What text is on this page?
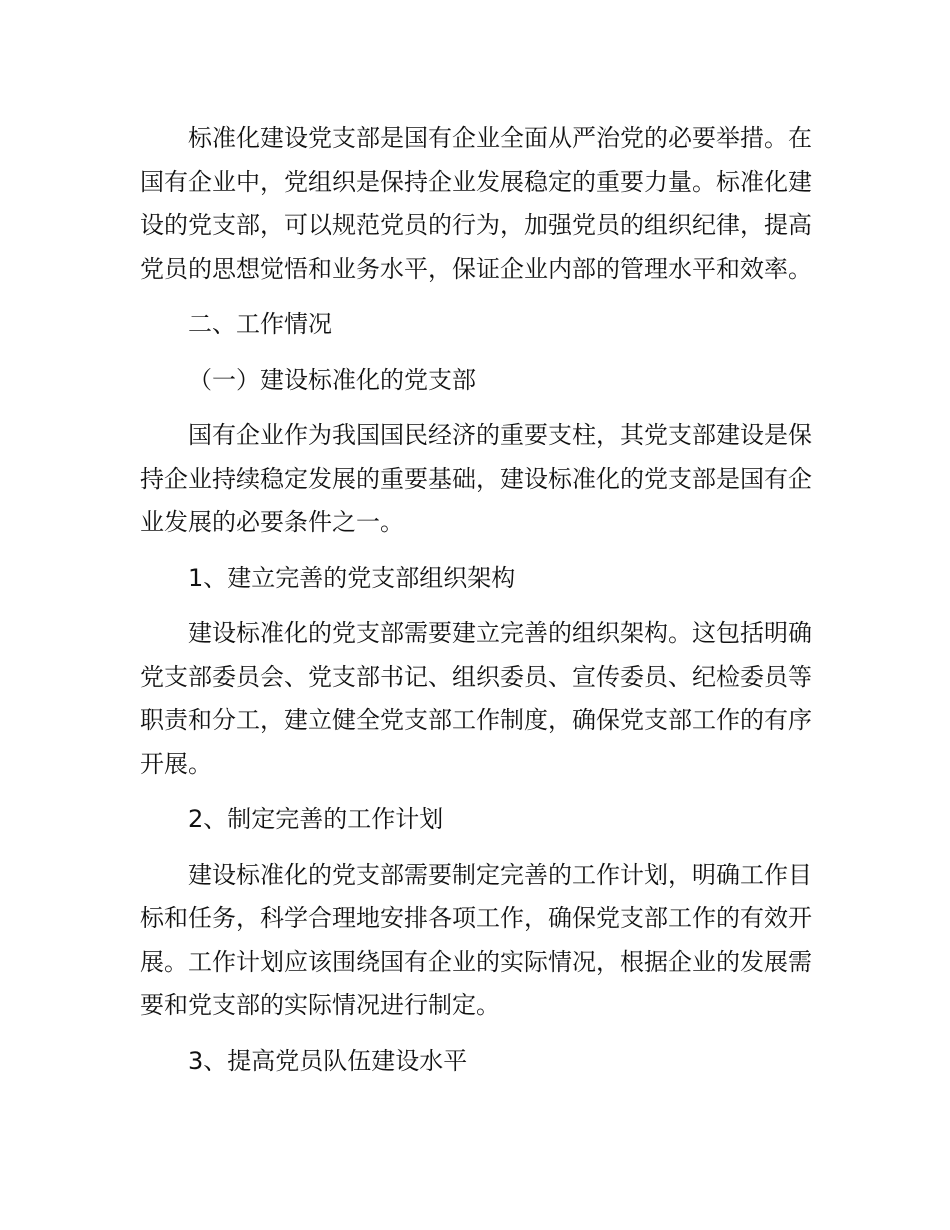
标准化建设党支部是国有企业全面从严治党的必要举措。在国有企业中，党组织是保持企业发展稳定的重要力量。标准化建设的党支部，可以规范党员的行为，加强党员的组织纪律，提高党员的思想觉悟和业务水平，保证企业内部的管理水平和效率。

二、工作情况

（一）建设标准化的党支部

国有企业作为我国国民经济的重要支柱，其党支部建设是保持企业持续稳定发展的重要基础，建设标准化的党支部是国有企业发展的必要条件之一。

1、建立完善的党支部组织架构

建设标准化的党支部需要建立完善的组织架构。这包括明确党支部委员会、党支部书记、组织委员、宣传委员、纪检委员等职责和分工，建立健全党支部工作制度，确保党支部工作的有序开展。

2、制定完善的工作计划

建设标准化的党支部需要制定完善的工作计划，明确工作目标和任务，科学合理地安排各项工作，确保党支部工作的有效开展。工作计划应该围绕国有企业的实际情况，根据企业的发展需要和党支部的实际情况进行制定。

3、提高党员队伍建设水平
